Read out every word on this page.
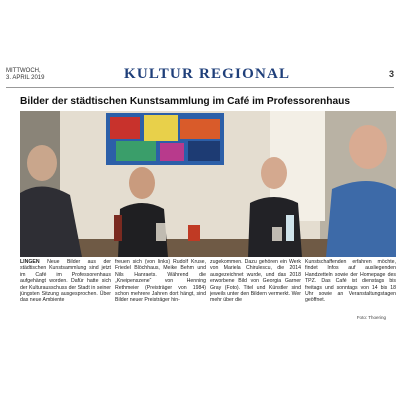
MITTWOCH,
3. APRIL 2019	KULTUR REGIONAL	3
Bilder der städtischen Kunstsammlung im Café im Professorenhaus
LINGEN Neue Bilder aus der städtischen Kunstsammlung sind jetzt im Café im Professorenhaus aufgehängt worden. Dafür hatte sich der Kulturausschuss der Stadt in seiner jüngsten Sitzung ausgesprochen. Über das neue Ambiente
freuen sich (von links) Rudolf Kruse, Friedel Blöchhaus, Meike Behm und Nils Hanraets. Während die „Kneipenszene“ von Henning Rethmeier (Preisträger von 1984) schon mehrere Jahren dort hängt, sind Bilder neuer Preisträger hin-
zugekommen. Dazu gehören ein Werk von Mariela Chirulescu, die 2014 ausgezeichnet wurde, und das 2018 erworbene Bild von Georgia Garner Gray (Foto). Titel und Künstler sind jeweils unter den Bildern vermerkt. Wer mehr über die
Kunstschaffenden erfahren möchte, findet Infos auf ausliegenden Handzetteln sowie der Homepage des TPZ. Das Café ist dienstags bis freitags und sonntags von 14 bis 18 Uhr sowie an Veranstaltungstagen geöffnet.
Foto: Thoering
